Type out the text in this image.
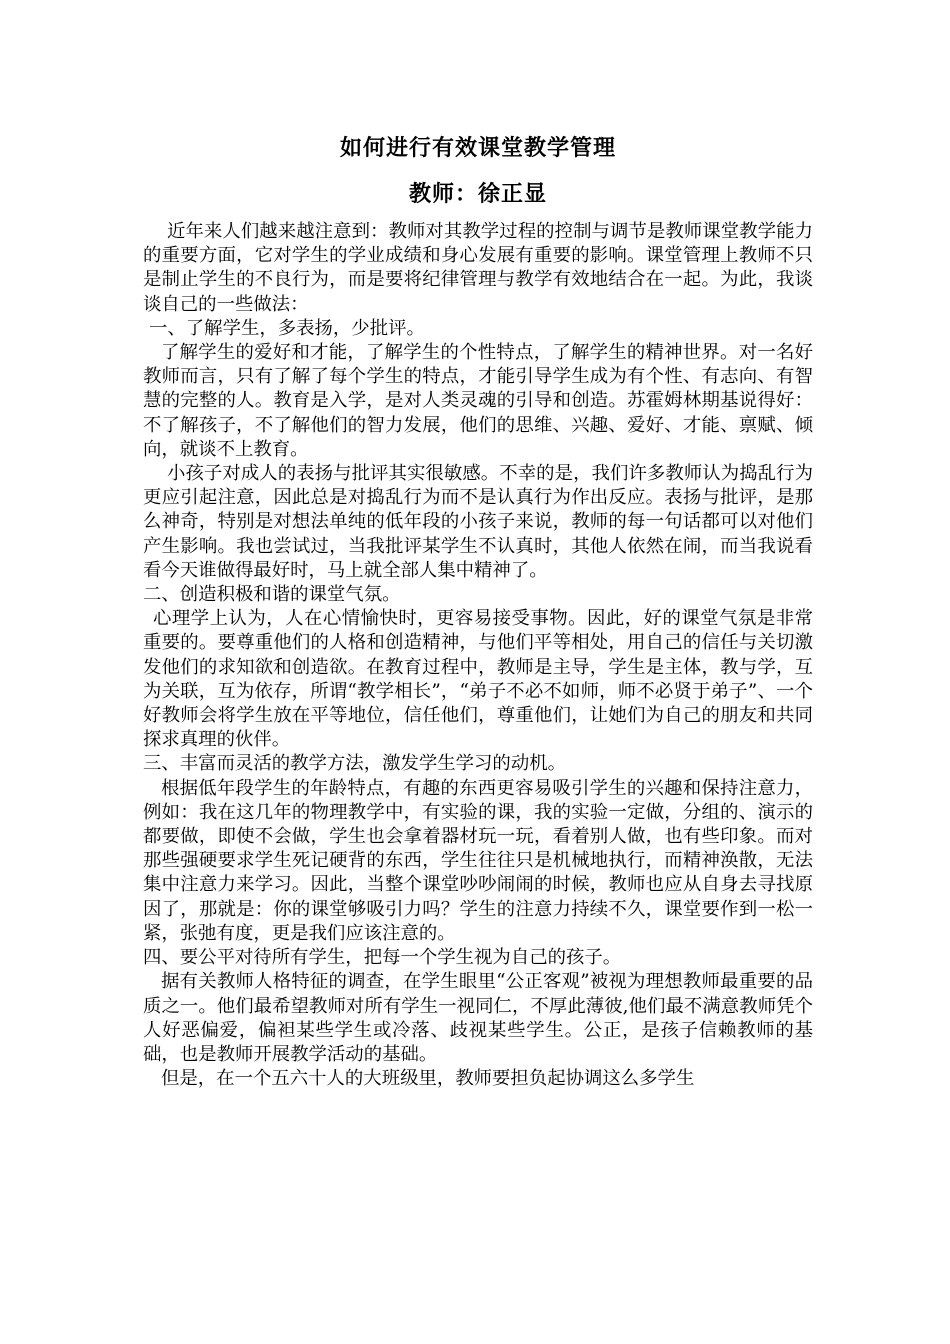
如何进行有效课堂教学管理
教师：徐正显

近年来人们越来越注意到：教师对其教学过程的控制与调节是教师课堂教学能力的重要方面，它对学生的学业成绩和身心发展有重要的影响。课堂管理上教师不只是制止学生的不良行为，而是要将纪律管理与教学有效地结合在一起。为此，我谈谈自己的一些做法：

一、了解学生，多表扬，少批评。

了解学生的爱好和才能，了解学生的个性特点，了解学生的精神世界。对一名好教师而言，只有了解了每个学生的特点，才能引导学生成为有个性、有志向、有智慧的完整的人。教育是入学，是对人类灵魂的引导和创造。苏霍姆林期基说得好：不了解孩子，不了解他们的智力发展，他们的思维、兴趣、爱好、才能、禀赋、倾向，就谈不上教育。

小孩子对成人的表扬与批评其实很敏感。不幸的是，我们许多教师认为捣乱行为更应引起注意，因此总是对捣乱行为而不是认真行为作出反应。表扬与批评，是那么神奇，特别是对想法单纯的低年段的小孩子来说，教师的每一句话都可以对他们产生影响。我也尝试过，当我批评某学生不认真时，其他人依然在闹，而当我说看看今天谁做得最好时，马上就全部人集中精神了。

二、创造积极和谐的课堂气氛。

心理学上认为，人在心情愉快时，更容易接受事物。因此，好的课堂气氛是非常重要的。要尊重他们的人格和创造精神，与他们平等相处，用自己的信任与关切激发他们的求知欲和创造欲。在教育过程中，教师是主导，学生是主体，教与学，互为关联，互为依存，所谓“教学相长”，“弟子不必不如师，师不必贤于弟子”、一个好教师会将学生放在平等地位，信任他们，尊重他们，让她们为自己的朋友和共同探求真理的伙伴。

三、丰富而灵活的教学方法，激发学生学习的动机。

根据低年段学生的年龄特点，有趣的东西更容易吸引学生的兴趣和保持注意力，例如：我在这几年的物理教学中，有实验的课，我的实验一定做，分组的、演示的都要做，即使不会做，学生也会拿着器材玩一玩，看着别人做，也有些印象。而对那些强硬要求学生死记硬背的东西，学生往往只是机械地执行，而精神涣散，无法集中注意力来学习。因此，当整个课堂吵吵闹闹的时候，教师也应从自身去寻找原因了，那就是：你的课堂够吸引力吗？学生的注意力持续不久，课堂要作到一松一紧，张弛有度，更是我们应该注意的。

四、要公平对待所有学生，把每一个学生视为自己的孩子。

据有关教师人格特征的调查，在学生眼里“公正客观”被视为理想教师最重要的品质之一。他们最希望教师对所有学生一视同仁，不厚此薄彼,他们最不满意教师凭个人好恶偏爱，偏袒某些学生或冷落、歧视某些学生。公正，是孩子信赖教师的基础，也是教师开展教学活动的基础。

但是，在一个五六十人的大班级里，教师要担负起协调这么多学生
